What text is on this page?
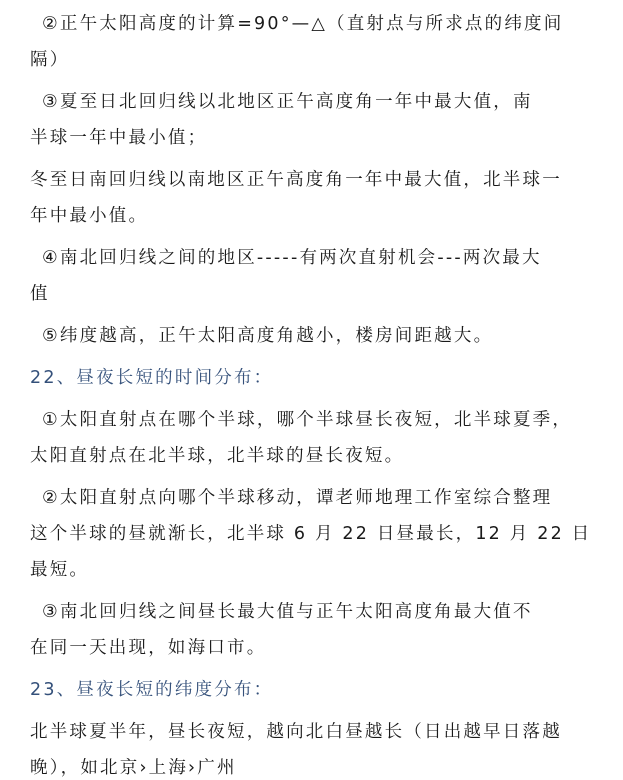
②正午太阳高度的计算=90°—△（直射点与所求点的纬度间
隔）
③夏至日北回归线以北地区正午高度角一年中最大值，南
半球一年中最小值；
冬至日南回归线以南地区正午高度角一年中最大值，北半球一
年中最小值。
④南北回归线之间的地区-----有两次直射机会---两次最大
值
⑤纬度越高，正午太阳高度角越小，楼房间距越大。
22、昼夜长短的时间分布：
①太阳直射点在哪个半球，哪个半球昼长夜短，北半球夏季，
太阳直射点在北半球，北半球的昼长夜短。
②太阳直射点向哪个半球移动，谭老师地理工作室综合整理
这个半球的昼就渐长，北半球 6 月 22 日昼最长，12 月 22 日
最短。
③南北回归线之间昼长最大值与正午太阳高度角最大值不
在同一天出现，如海口市。
23、昼夜长短的纬度分布：
北半球夏半年，昼长夜短，越向北白昼越长（日出越早日落越
晚），如北京›上海›广州
